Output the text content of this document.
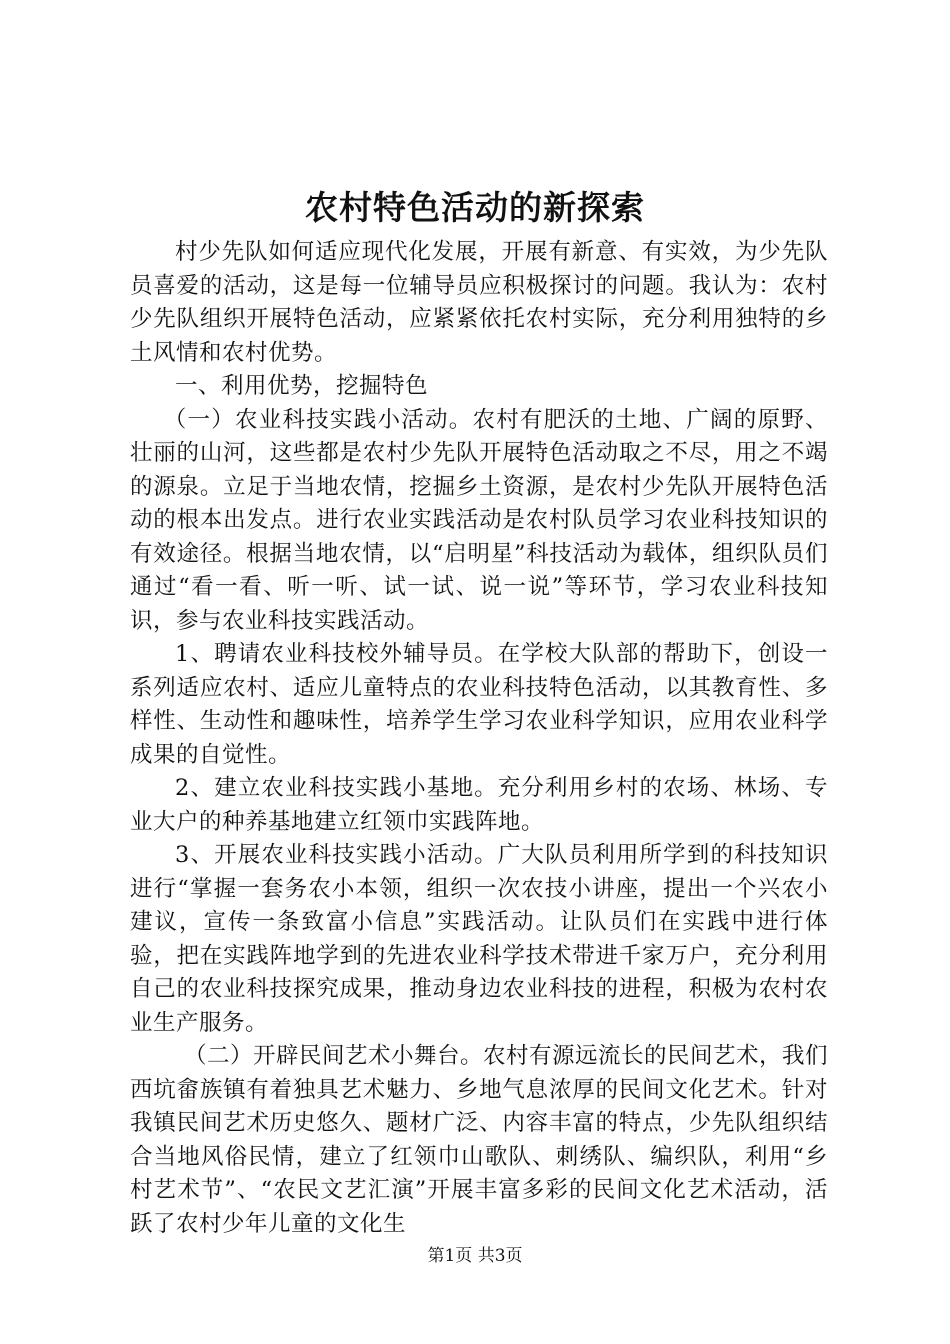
农村特色活动的新探索

村少先队如何适应现代化发展，开展有新意、有实效，为少先队员喜爱的活动，这是每一位辅导员应积极探讨的问题。我认为：农村少先队组织开展特色活动，应紧紧依托农村实际，充分利用独特的乡土风情和农村优势。

一、利用优势，挖掘特色

（一）农业科技实践小活动。农村有肥沃的土地、广阔的原野、壮丽的山河，这些都是农村少先队开展特色活动取之不尽，用之不竭的源泉。立足于当地农情，挖掘乡土资源，是农村少先队开展特色活动的根本出发点。进行农业实践活动是农村队员学习农业科技知识的有效途径。根据当地农情，以“启明星”科技活动为载体，组织队员们通过“看一看、听一听、试一试、说一说”等环节，学习农业科技知识，参与农业科技实践活动。

1、聘请农业科技校外辅导员。在学校大队部的帮助下，创设一系列适应农村、适应儿童特点的农业科技特色活动，以其教育性、多样性、生动性和趣味性，培养学生学习农业科学知识，应用农业科学成果的自觉性。

2、建立农业科技实践小基地。充分利用乡村的农场、林场、专业大户的种养基地建立红领巾实践阵地。

3、开展农业科技实践小活动。广大队员利用所学到的科技知识进行“掌握一套务农小本领，组织一次农技小讲座，提出一个兴农小建议，宣传一条致富小信息”实践活动。让队员们在实践中进行体验，把在实践阵地学到的先进农业科学技术带进千家万户，充分利用自己的农业科技探究成果，推动身边农业科技的进程，积极为农村农业生产服务。

（二）开辟民间艺术小舞台。农村有源远流长的民间艺术，我们西坑畲族镇有着独具艺术魅力、乡地气息浓厚的民间文化艺术。针对我镇民间艺术历史悠久、题材广泛、内容丰富的特点，少先队组织结合当地风俗民情，建立了红领巾山歌队、刺绣队、编织队，利用“乡村艺术节”、“农民文艺汇演”开展丰富多彩的民间文化艺术活动，活跃了农村少年儿童的文化生

第1页 共3页
